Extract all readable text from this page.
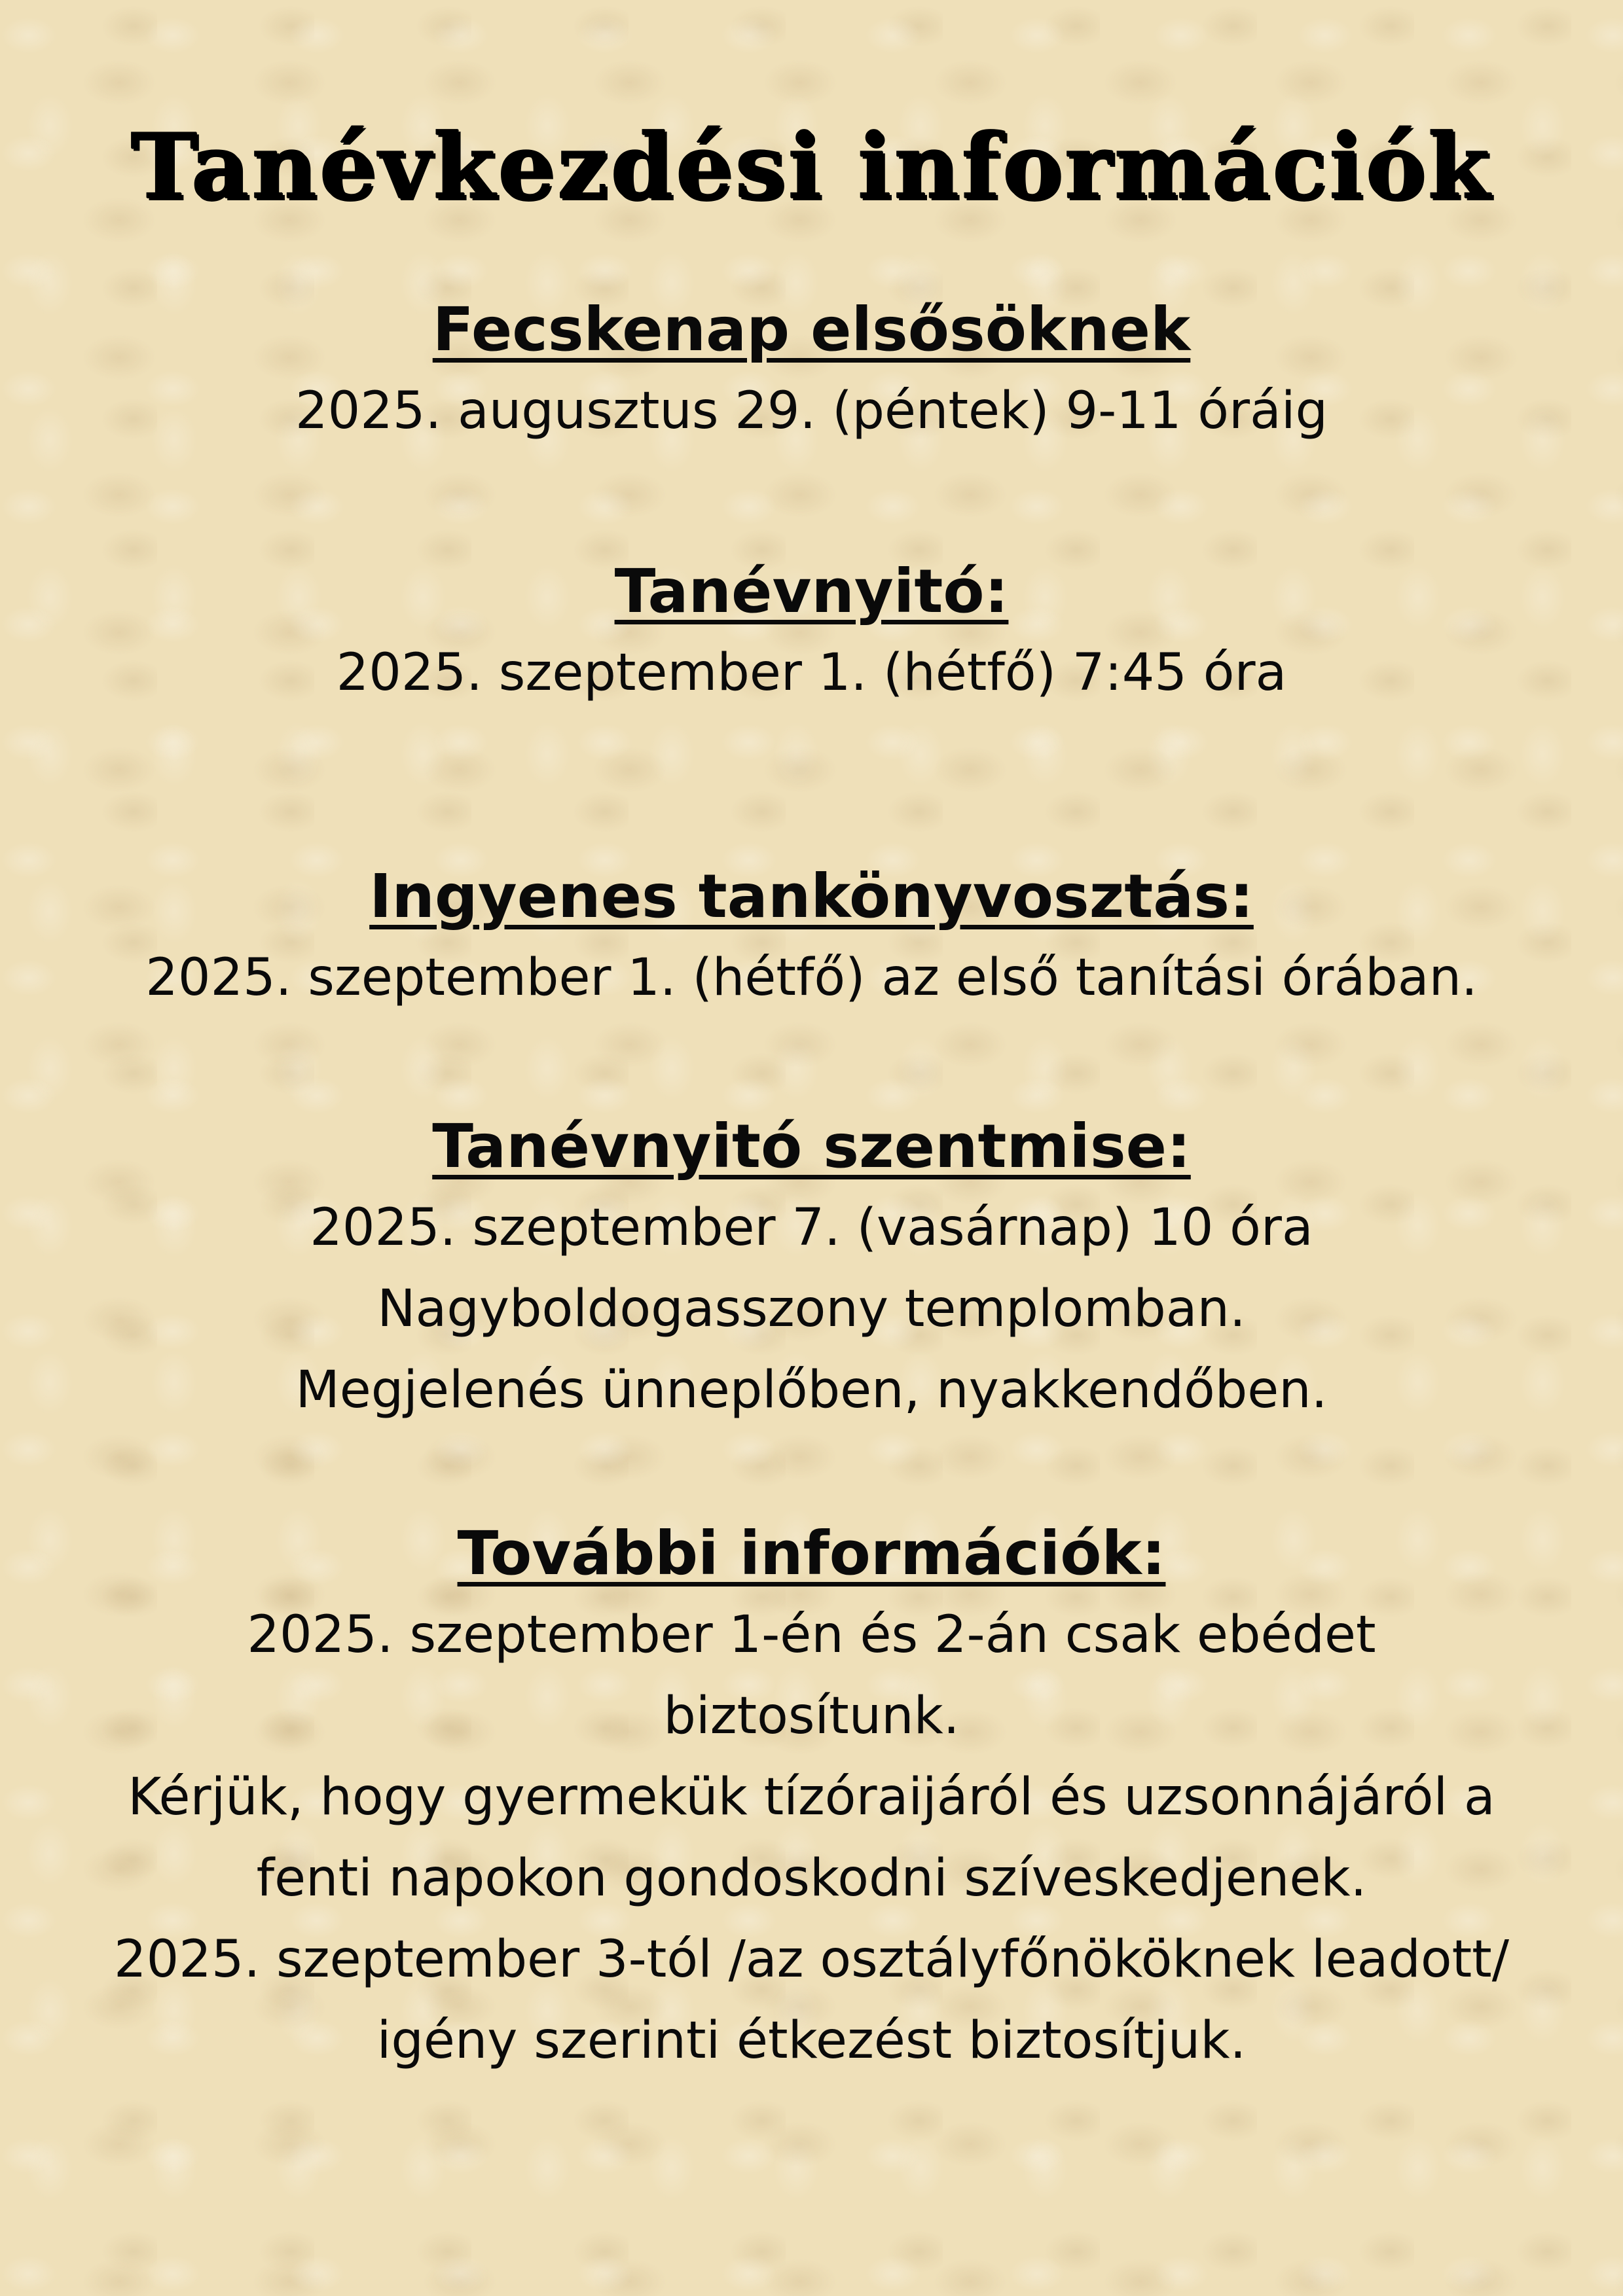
Tanévkezdési információk
Fecskenap elsősöknek
2025. augusztus 29. (péntek) 9-11 óráig
Tanévnyitó:
2025. szeptember 1. (hétfő) 7:45 óra
Ingyenes tankönyvosztás:
2025. szeptember 1. (hétfő) az első tanítási órában.
Tanévnyitó szentmise:
2025. szeptember 7. (vasárnap) 10 óra
Nagyboldogasszony templomban.
Megjelenés ünneplőben, nyakkendőben.
További információk:
2025. szeptember 1-én és 2-án csak ebédet
biztosítunk.
Kérjük, hogy gyermekük tízóraijáról és uzsonnájáról a
fenti napokon gondoskodni szíveskedjenek.
2025. szeptember 3-tól /az osztályfőnököknek leadott/
igény szerinti étkezést biztosítjuk.
